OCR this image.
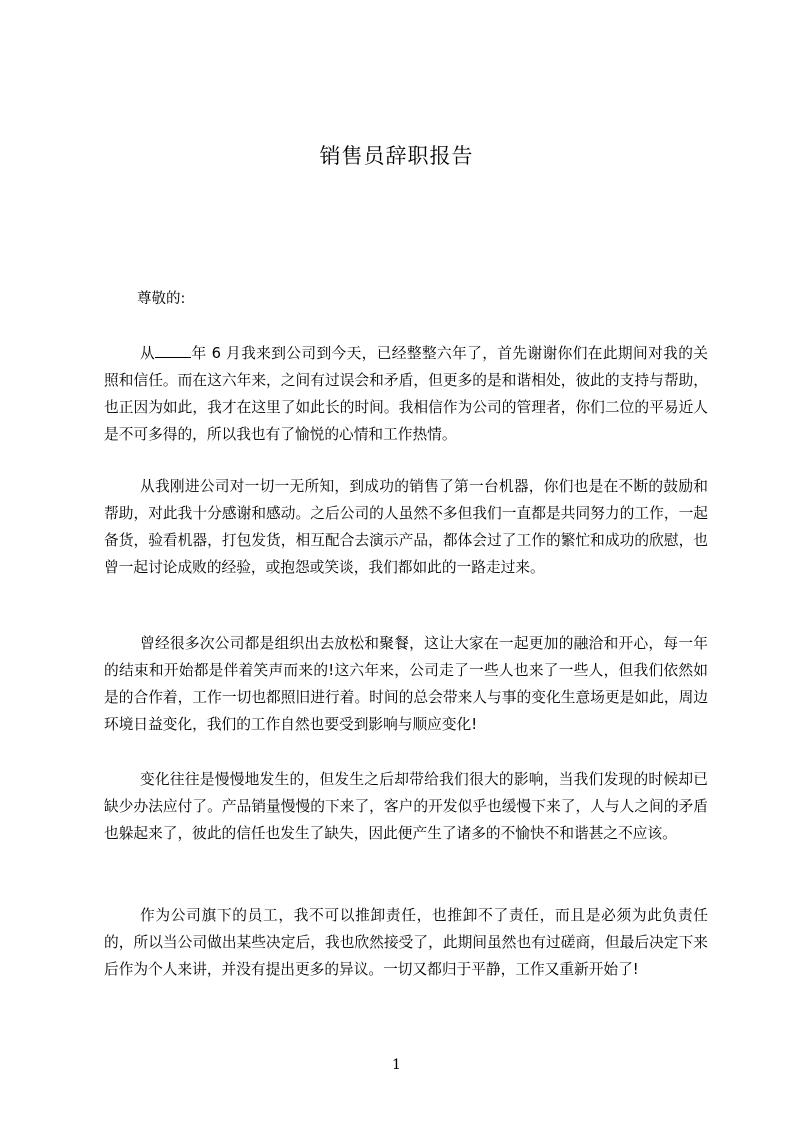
销售员辞职报告
尊敬的:

从 年 6 月我来到公司到今天，已经整整六年了，首先谢谢你们在此期间对我的关照和信任。而在这六年来，之间有过误会和矛盾，但更多的是和谐相处，彼此的支持与帮助，也正因为如此，我才在这里了如此长的时间。我相信作为公司的管理者，你们二位的平易近人是不可多得的，所以我也有了愉悦的心情和工作热情。

从我刚进公司对一切一无所知，到成功的销售了第一台机器，你们也是在不断的鼓励和帮助，对此我十分感谢和感动。之后公司的人虽然不多但我们一直都是共同努力的工作，一起备货，验看机器，打包发货，相互配合去演示产品，都体会过了工作的繁忙和成功的欣慰，也曾一起讨论成败的经验，或抱怨或笑谈，我们都如此的一路走过来。

曾经很多次公司都是组织出去放松和聚餐，这让大家在一起更加的融洽和开心，每一年的结束和开始都是伴着笑声而来的!这六年来，公司走了一些人也来了一些人，但我们依然如是的合作着，工作一切也都照旧进行着。时间的总会带来人与事的变化生意场更是如此，周边环境日益变化，我们的工作自然也要受到影响与顺应变化!

变化往往是慢慢地发生的，但发生之后却带给我们很大的影响，当我们发现的时候却已缺少办法应付了。产品销量慢慢的下来了，客户的开发似乎也缓慢下来了，人与人之间的矛盾也躲起来了，彼此的信任也发生了缺失，因此便产生了诸多的不愉快不和谐甚之不应该。

作为公司旗下的员工，我不可以推卸责任，也推卸不了责任，而且是必须为此负责任的，所以当公司做出某些决定后，我也欣然接受了，此期间虽然也有过磋商，但最后决定下来后作为个人来讲，并没有提出更多的异议。一切又都归于平静，工作又重新开始了!

1
